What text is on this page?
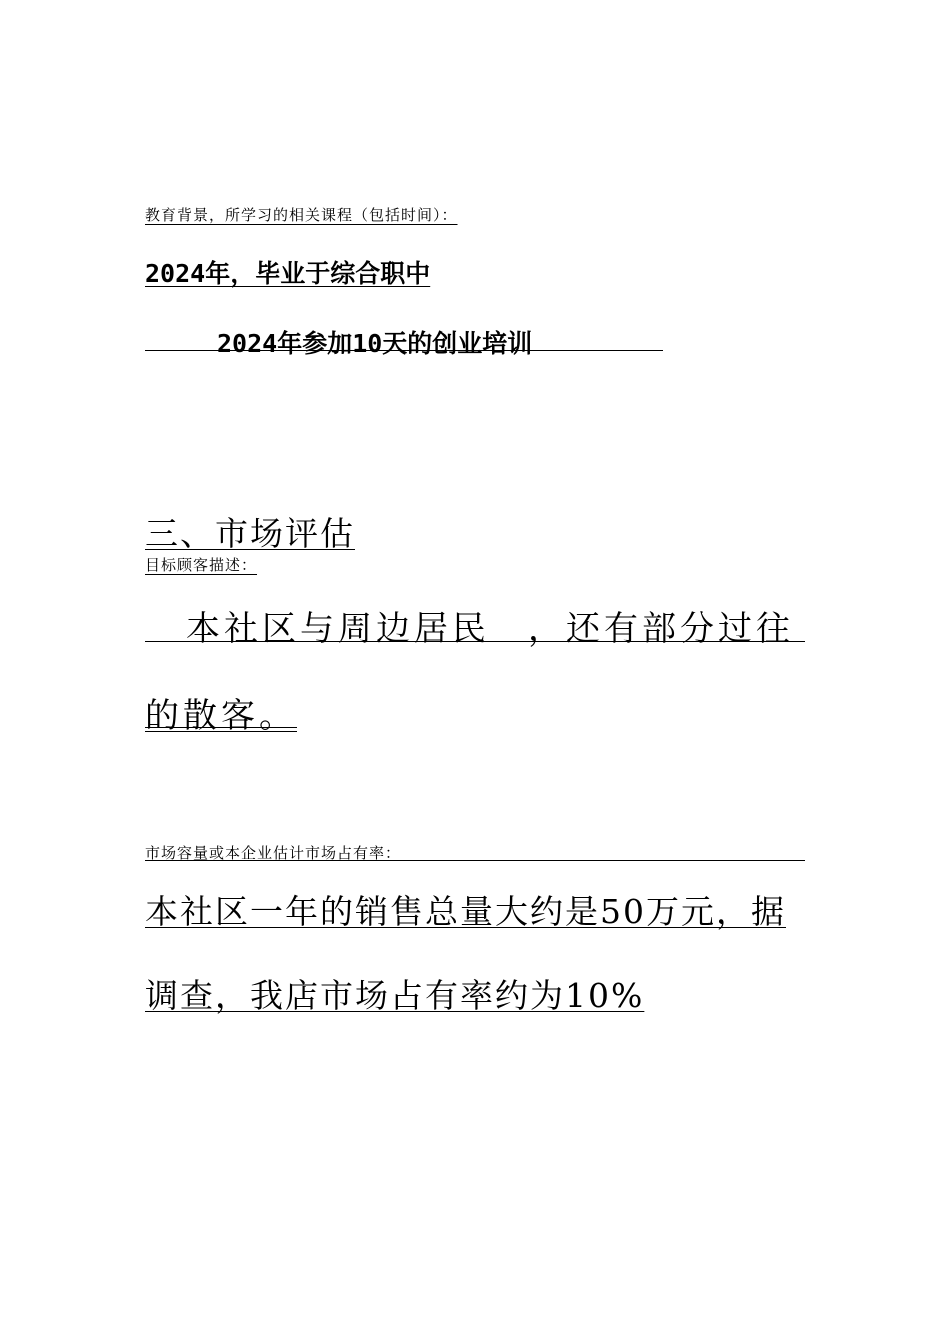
教育背景，所学习的相关课程（包括时间）：
2024年，毕业于综合职中
2024年参加10天的创业培训
三、市场评估
目标顾客描述：
本社区与周边居民　，还有部分过往
的散客。
市场容量或本企业估计市场占有率：
本社区一年的销售总量大约是50万元，据
调查，我店市场占有率约为10%
